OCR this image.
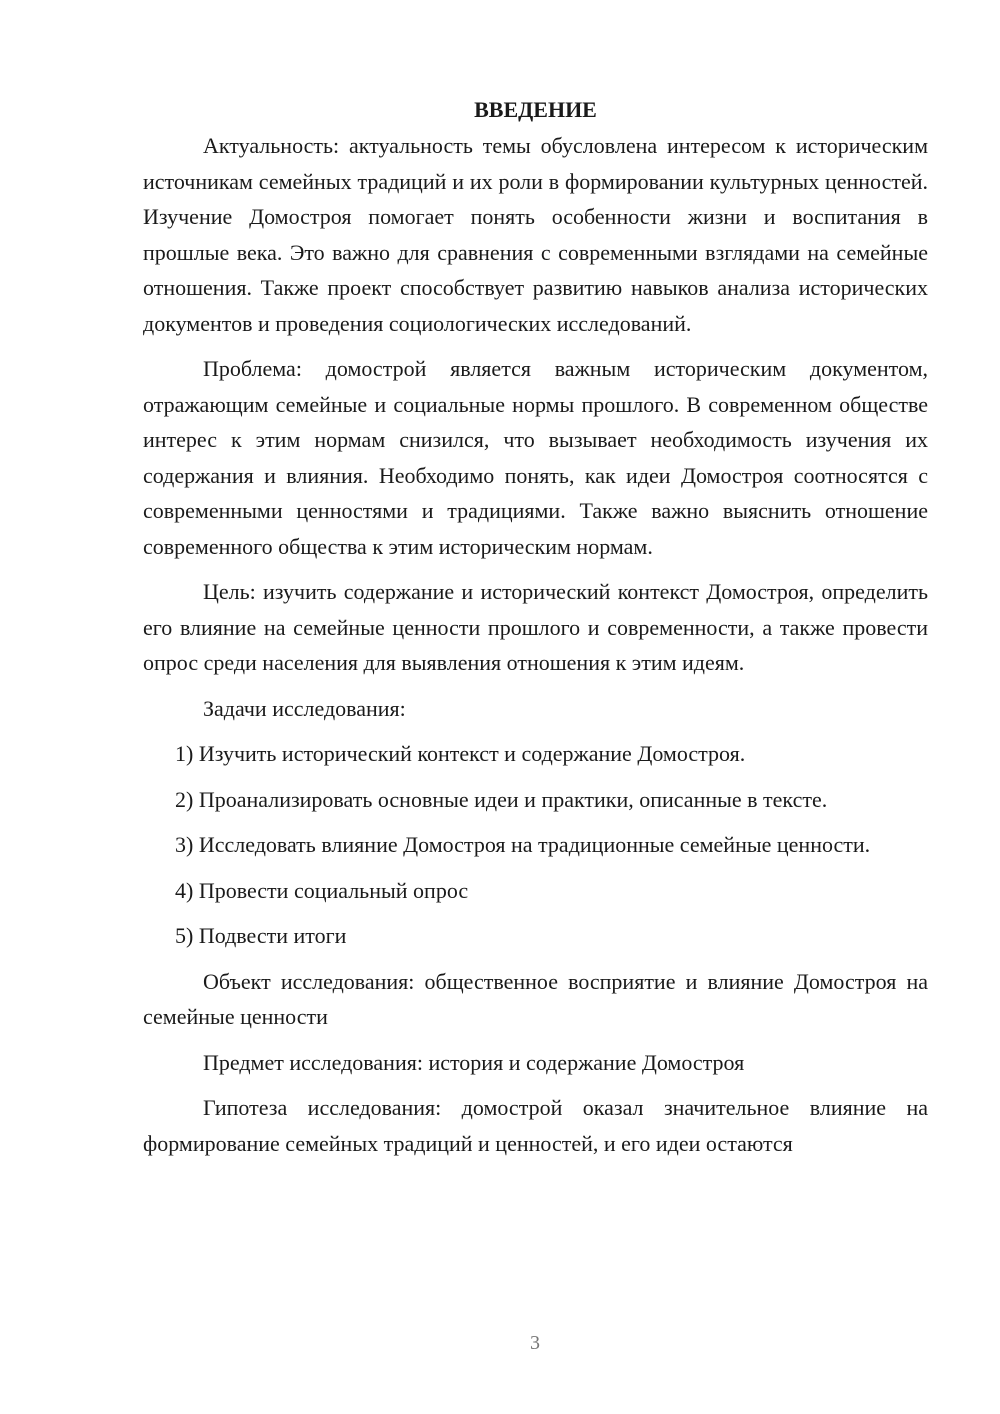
ВВЕДЕНИЕ

Актуальность: актуальность темы обусловлена интересом к историческим источникам семейных традиций и их роли в формировании культурных ценностей. Изучение Домостроя помогает понять особенности жизни и воспитания в прошлые века. Это важно для сравнения с современными взглядами на семейные отношения. Также проект способствует развитию навыков анализа исторических документов и проведения социологических исследований.

Проблема: домострой является важным историческим документом, отражающим семейные и социальные нормы прошлого. В современном обществе интерес к этим нормам снизился, что вызывает необходимость изучения их содержания и влияния. Необходимо понять, как идеи Домостроя соотносятся с современными ценностями и традициями. Также важно выяснить отношение современного общества к этим историческим нормам.

Цель: изучить содержание и исторический контекст Домостроя, определить его влияние на семейные ценности прошлого и современности, а также провести опрос среди населения для выявления отношения к этим идеям.

Задачи исследования:

1) Изучить исторический контекст и содержание Домостроя.

2) Проанализировать основные идеи и практики, описанные в тексте.

3) Исследовать влияние Домостроя на традиционные семейные ценности.

4) Провести социальный опрос

5) Подвести итоги

Объект исследования: общественное восприятие и влияние Домостроя на семейные ценности

Предмет исследования: история и содержание Домостроя

Гипотеза исследования: домострой оказал значительное влияние на формирование семейных традиций и ценностей, и его идеи остаются

3
